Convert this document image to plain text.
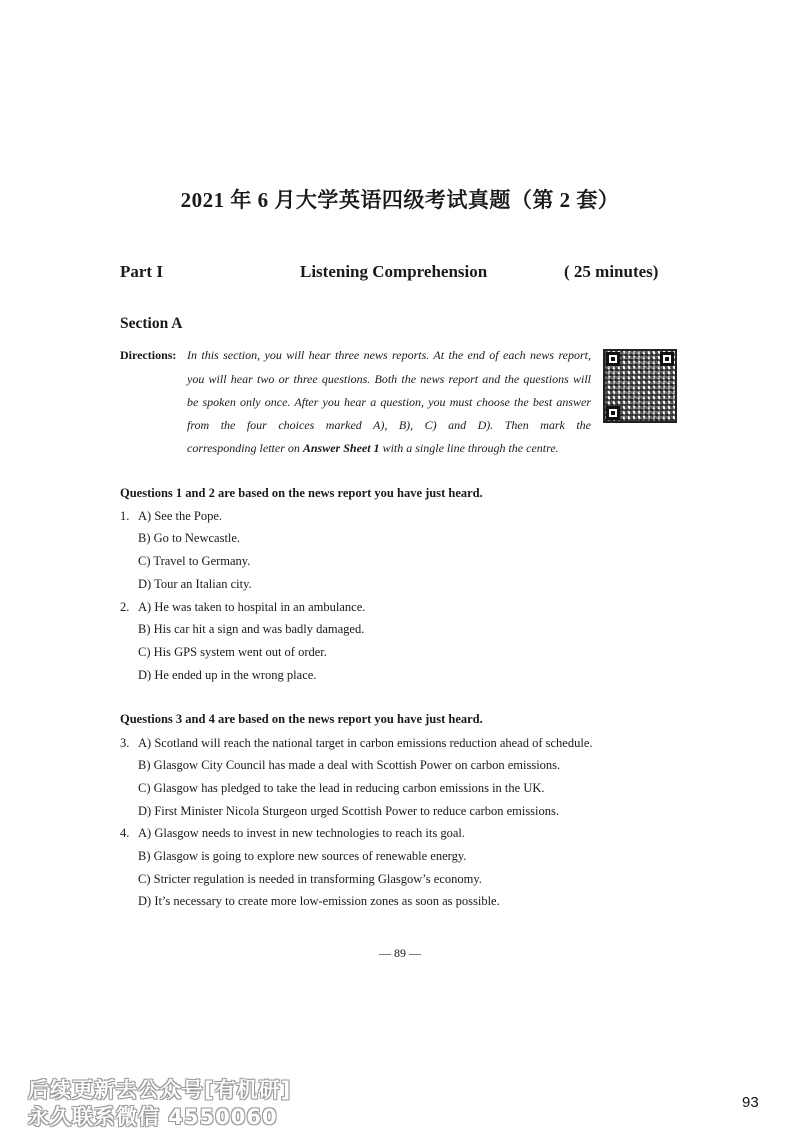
2021 年 6 月大学英语四级考试真题（第 2 套）
Part I	Listening Comprehension	( 25 minutes)
Section A
Directions: In this section, you will hear three news reports. At the end of each news report,
you will hear two or three questions. Both the news report and the questions will
be spoken only once. After you hear a question, you must choose the best answer
from the four choices marked A), B), C) and D). Then mark the
corresponding letter on Answer Sheet 1 with a single line through the centre.
Questions 1 and 2 are based on the news report you have just heard.
1. A) See the Pope.
B) Go to Newcastle.
C) Travel to Germany.
D) Tour an Italian city.
2. A) He was taken to hospital in an ambulance.
B) His car hit a sign and was badly damaged.
C) His GPS system went out of order.
D) He ended up in the wrong place.
Questions 3 and 4 are based on the news report you have just heard.
3. A) Scotland will reach the national target in carbon emissions reduction ahead of schedule.
B) Glasgow City Council has made a deal with Scottish Power on carbon emissions.
C) Glasgow has pledged to take the lead in reducing carbon emissions in the UK.
D) First Minister Nicola Sturgeon urged Scottish Power to reduce carbon emissions.
4. A) Glasgow needs to invest in new technologies to reach its goal.
B) Glasgow is going to explore new sources of renewable energy.
C) Stricter regulation is needed in transforming Glasgow’s economy.
D) It’s necessary to create more low-emission zones as soon as possible.
— 89 —
后续更新去公众号[有机研]
永久联系微信 4550060
93
